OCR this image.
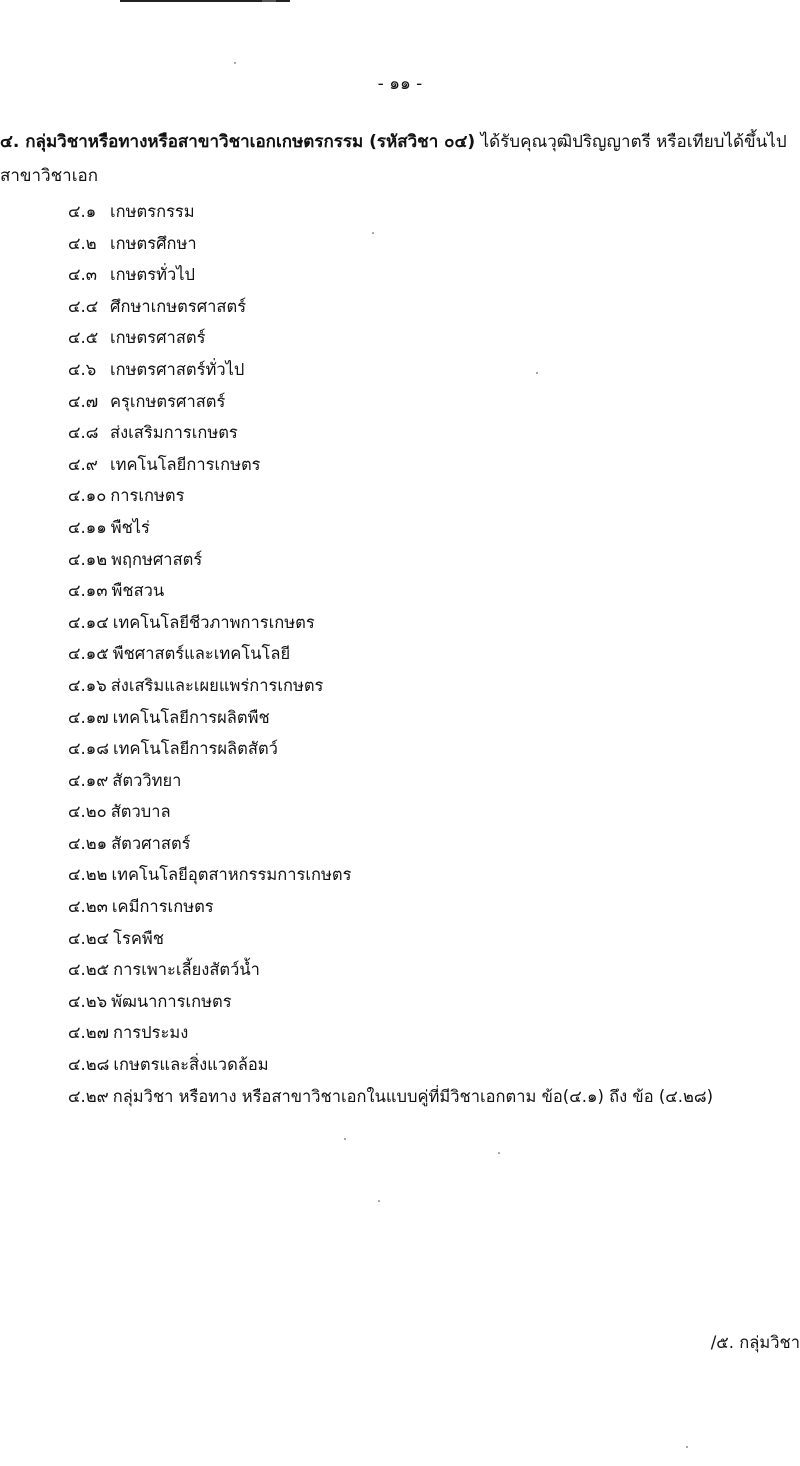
- ๑๑ -
๔. กลุ่มวิชาหรือทางหรือสาขาวิชาเอกเกษตรกรรม (รหัสวิชา ๐๔) ได้รับคุณวุฒิปริญญาตรี หรือเทียบได้ขึ้นไป
สาขาวิชาเอก
๔.๑ เกษตรกรรม
๔.๒ เกษตรศึกษา
๔.๓ เกษตรทั่วไป
๔.๔ ศึกษาเกษตรศาสตร์
๔.๕ เกษตรศาสตร์
๔.๖ เกษตรศาสตร์ทั่วไป
๔.๗ ครุเกษตรศาสตร์
๔.๘ ส่งเสริมการเกษตร
๔.๙ เทคโนโลยีการเกษตร
๔.๑๐ การเกษตร
๔.๑๑ พืชไร่
๔.๑๒ พฤกษศาสตร์
๔.๑๓ พืชสวน
๔.๑๔ เทคโนโลยีชีวภาพการเกษตร
๔.๑๕ พืชศาสตร์และเทคโนโลยี
๔.๑๖ ส่งเสริมและเผยแพร่การเกษตร
๔.๑๗ เทคโนโลยีการผลิตพืช
๔.๑๘ เทคโนโลยีการผลิตสัตว์
๔.๑๙ สัตววิทยา
๔.๒๐ สัตวบาล
๔.๒๑ สัตวศาสตร์
๔.๒๒ เทคโนโลยีอุตสาหกรรมการเกษตร
๔.๒๓ เคมีการเกษตร
๔.๒๔ โรคพืช
๔.๒๕ การเพาะเลี้ยงสัตว์น้ำ
๔.๒๖ พัฒนาการเกษตร
๔.๒๗ การประมง
๔.๒๘ เกษตรและสิ่งแวดล้อม
๔.๒๙ กลุ่มวิชา หรือทาง หรือสาขาวิชาเอกในแบบคู่ที่มีวิชาเอกตาม ข้อ(๔.๑) ถึง ข้อ (๔.๒๘)
/๕. กลุ่มวิชา
